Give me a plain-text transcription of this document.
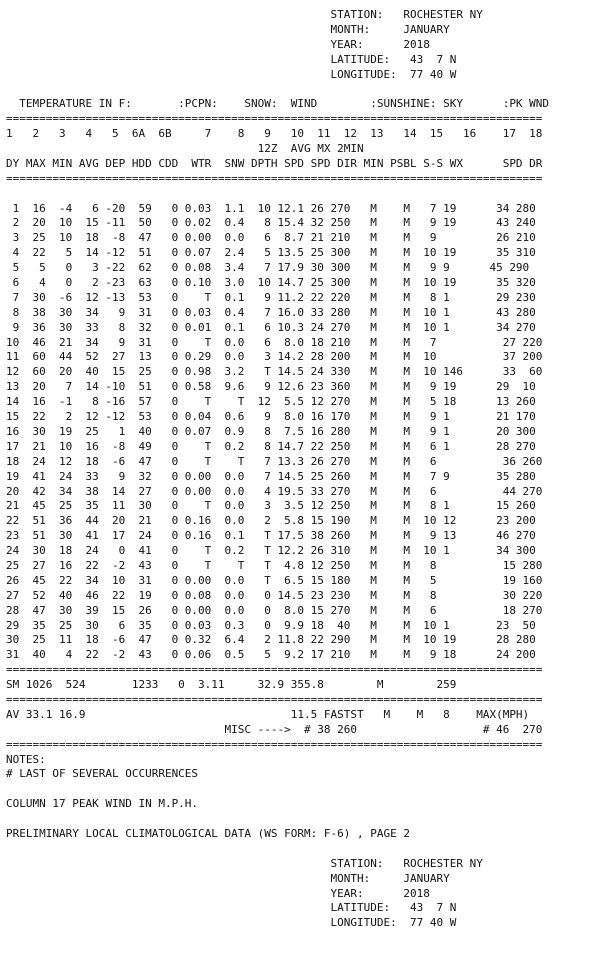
STATION:   ROCHESTER NY
MONTH:     JANUARY
YEAR:      2018
LATITUDE:   43  7 N
LONGITUDE:  77 40 W
TEMPERATURE IN F:       :PCPN:    SNOW:  WIND        :SUNSHINE: SKY      :PK WND
=================================================================================
1   2   3   4   5  6A  6B     7    8   9   10  11  12  13   14  15   16    17  18
12Z  AVG MX 2MIN
DY MAX MIN AVG DEP HDD CDD  WTR  SNW DPTH SPD SPD DIR MIN PSBL S-S WX      SPD DR
=================================================================================
1  16  -4   6 -20  59   0 0.03  1.1  10 12.1 26 270   M    M   7 19      34 280
2  20  10  15 -11  50   0 0.02  0.4   8 15.4 32 250   M    M   9 19      43 240
3  25  10  18  -8  47   0 0.00  0.0   6  8.7 21 210   M    M   9         26 210
4  22   5  14 -12  51   0 0.07  2.4   5 13.5 25 300   M    M  10 19      35 310
5   5   0   3 -22  62   0 0.08  3.4   7 17.9 30 300   M    M   9 9      45 290
6   4   0   2 -23  63   0 0.10  3.0  10 14.7 25 300   M    M  10 19      35 320
7  30  -6  12 -13  53   0    T  0.1   9 11.2 22 220   M    M   8 1       29 230
8  38  30  34   9  31   0 0.03  0.4   7 16.0 33 280   M    M  10 1       43 280
9  36  30  33   8  32   0 0.01  0.1   6 10.3 24 270   M    M  10 1       34 270
10  46  21  34   9  31   0    T  0.0   6  8.0 18 210   M    M   7          27 220
11  60  44  52  27  13   0 0.29  0.0   3 14.2 28 200   M    M  10          37 200
12  60  20  40  15  25   0 0.98  3.2   T 14.5 24 330   M    M  10 146      33  60
13  20   7  14 -10  51   0 0.58  9.6   9 12.6 23 360   M    M   9 19      29  10
14  16  -1   8 -16  57   0    T    T  12  5.5 12 270   M    M   5 18      13 260
15  22   2  12 -12  53   0 0.04  0.6   9  8.0 16 170   M    M   9 1       21 170
16  30  19  25   1  40   0 0.07  0.9   8  7.5 16 280   M    M   9 1       20 300
17  21  10  16  -8  49   0    T  0.2   8 14.7 22 250   M    M   6 1       28 270
18  24  12  18  -6  47   0    T    T   7 13.3 26 270   M    M   6          36 260
19  41  24  33   9  32   0 0.00  0.0   7 14.5 25 260   M    M   7 9       35 280
20  42  34  38  14  27   0 0.00  0.0   4 19.5 33 270   M    M   6          44 270
21  45  25  35  11  30   0    T  0.0   3  3.5 12 250   M    M   8 1       15 260
22  51  36  44  20  21   0 0.16  0.0   2  5.8 15 190   M    M  10 12      23 200
23  51  30  41  17  24   0 0.16  0.1   T 17.5 38 260   M    M   9 13      46 270
24  30  18  24   0  41   0    T  0.2   T 12.2 26 310   M    M  10 1       34 300
25  27  16  22  -2  43   0    T    T   T  4.8 12 250   M    M   8          15 280
26  45  22  34  10  31   0 0.00  0.0   T  6.5 15 180   M    M   5          19 160
27  52  40  46  22  19   0 0.08  0.0   0 14.5 23 230   M    M   8          30 220
28  47  30  39  15  26   0 0.00  0.0   0  8.0 15 270   M    M   6          18 270
29  35  25  30   6  35   0 0.03  0.3   0  9.9 18  40   M    M  10 1       23  50
30  25  11  18  -6  47   0 0.32  6.4   2 11.8 22 290   M    M  10 19      28 280
31  40   4  22  -2  43   0 0.06  0.5   5  9.2 17 210   M    M   9 18      24 200
=================================================================================
SM 1026  524       1233   0  3.11     32.9 355.8        M        259
=================================================================================
AV 33.1 16.9                               11.5 FASTST   M    M   8    MAX(MPH)
MISC ---->  # 38 260                   # 46  270
=================================================================================
NOTES:
# LAST OF SEVERAL OCCURRENCES
COLUMN 17 PEAK WIND IN M.P.H.
PRELIMINARY LOCAL CLIMATOLOGICAL DATA (WS FORM: F-6) , PAGE 2
STATION:   ROCHESTER NY
MONTH:     JANUARY
YEAR:      2018
LATITUDE:   43  7 N
LONGITUDE:  77 40 W
